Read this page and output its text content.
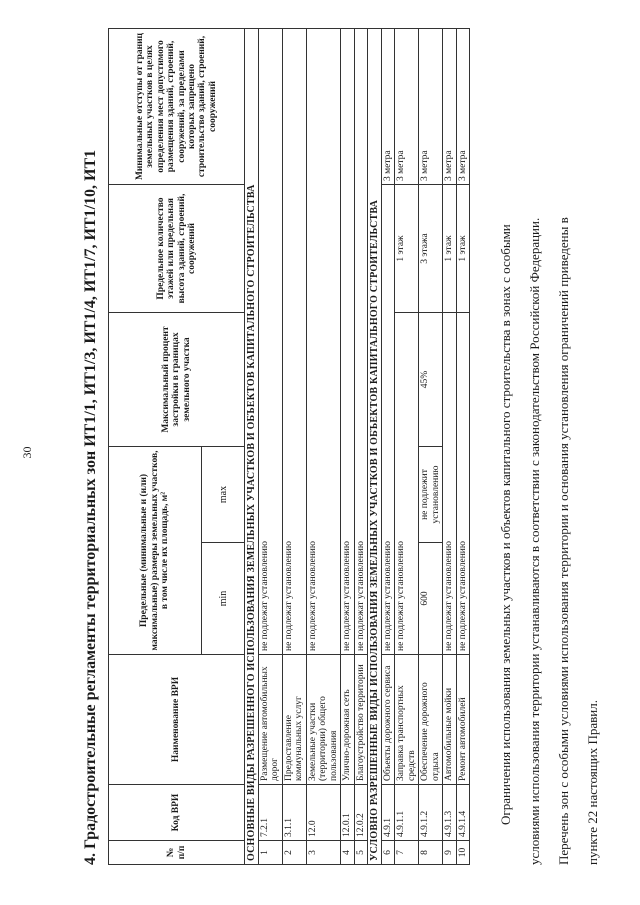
30	4. Градостроительные регламенты территориальных зон ИТ1/1, ИТ1/3, ИТ1/4, ИТ1/7, ИТ1/10, ИТ1	№ п/п	Код ВРИ	Наименование ВРИ	Предельные (минимальные и (или) максимальные) размеры земельных участков, в том числе их площадь, м²		Максимальный процент застройки в границах земельного участка	Предельное количество этажей или предельная высота зданий, строений, сооружений	Минимальные отступы от границ земельных участков в целях определения мест допустимого размещения зданий, строений, сооружений, за пределами которых запрещено строительство зданий, строений, сооружений
			min	max			
ОСНОВНЫЕ ВИДЫ РАЗРЕШЕННОГО ИСПОЛЬЗОВАНИЯ ЗЕМЕЛЬНЫХ УЧАСТКОВ И ОБЪЕКТОВ КАПИТАЛЬНОГО СТРОИТЕЛЬСТВА							
1	7.2.1	Размещение автомобильных дорог	не подлежат установлению				
2	3.1.1	Предоставление коммунальных услуг	не подлежат установлению				
3	12.0	Земельные участки (территории) общего пользования	не подлежат установлению				
4	12.0.1	Улично-дорожная сеть	не подлежат установлению				
5	12.0.2	Благоустройство территории	не подлежат установлению				
УСЛОВНО РАЗРЕШЕННЫЕ ВИДЫ ИСПОЛЬЗОВАНИЯ ЗЕМЕЛЬНЫХ УЧАСТКОВ И ОБЪЕКТОВ КАПИТАЛЬНОГО СТРОИТЕЛЬСТВА							
6	4.9.1	Объекты дорожного сервиса	не подлежат установлению				3 метра
7	4.9.1.1	Заправка транспортных средств	не подлежат установлению			1 этаж	3 метра
8	4.9.1.2	Обеспечение дорожного отдыха	600	не подлежит установлению	45%	3 этажа	3 метра
9	4.9.1.3	Автомобильные мойки	не подлежат установлению			1 этаж	3 метра
10	4.9.1.4	Ремонт автомобилей	не подлежат установлению			1 этаж	3 метра
Ограничения использования земельных участков и объектов капитального строительства в зонах с особыми условиями использования территории устанавливаются в соответствии с законодательством Российской Федерации. Перечень зон с особыми условиями использования территории и основания установления ограничений приведены в пункте 22 настоящих Правил.
